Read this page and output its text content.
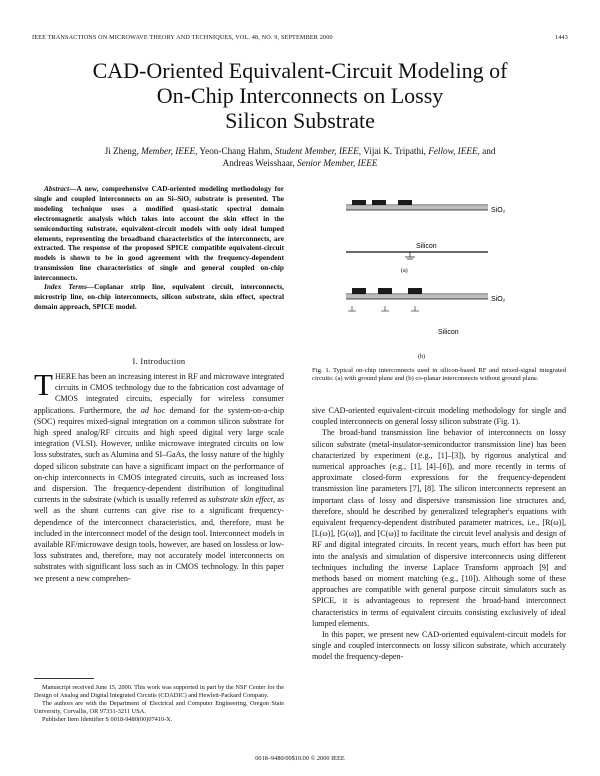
IEEE TRANSACTIONS ON MICROWAVE THEORY AND TECHNIQUES, VOL. 48, NO. 9, SEPTEMBER 2000	1443
CAD-Oriented Equivalent-Circuit Modeling of
On-Chip Interconnects on Lossy
Silicon Substrate
Ji Zheng, Member, IEEE, Yeon-Chang Hahm, Student Member, IEEE, Vijai K. Tripathi, Fellow, IEEE, and
Andreas Weisshaar, Senior Member, IEEE
Abstract—A new, comprehensive CAD-oriented modeling methodology for single and coupled interconnects on an Si–SiO₂ substrate is presented. The modeling technique uses a modified quasi-static spectral domain electromagnetic analysis which takes into account the skin effect in the semiconducting substrate. equivalent-circuit models with only ideal lumped elements, representing the broadband characteristics of the interconnects, are extracted. The response of the proposed SPICE compatible equivalent-circuit models is shown to be in good agreement with the frequency-dependent transmission line characteristics of single and general coupled on-chip interconnects.
Index Terms—Coplanar strip line, equivalent circuit, interconnects, microstrip line, on-chip interconnects, silicon substrate, skin effect, spectral domain approach, SPICE model.
I. Introduction
THERE has been an increasing interest in RF and microwave integrated circuits in CMOS technology due to the fabrication cost advantage of CMOS integrated circuits, especially for wireless consumer applications. Furthermore, the ad hoc demand for the system-on-a-chip (SOC) requires mixed-signal integration on a common silicon substrate for high speed analog/RF circuits and high speed digital very large scale integration (VLSI). However, unlike microwave integrated circuits on low loss substrates, such as Alumina and SI–GaAs, the lossy nature of the highly doped silicon substrate can have a significant impact on the performance of on-chip interconnects in CMOS integrated circuits, such as increased loss and dispersion. The frequency-dependent distribution of longitudinal currents in the substrate (which is usually referred as substrate skin effect, as well as the shunt currents can give rise to a significant frequency-dependence of the interconnect characteristics, and, therefore, must be included in the interconnect model of the design tool. Interconnect models in available RF/microwave design tools, however, are based on lossless or low-loss substrates and, therefore, may not accurately model interconnects on substrates with significant loss such as in CMOS technology. In this paper we present a new comprehen-

Manuscript received June 15, 2000. This work was supported in part by the NSF Center for the Design of Analog and Digital Integrated Circuits (CDADIC) and Hewlett-Packard Company.

The authors are with the Department of Electrical and Computer Engineering, Oregon State University, Corvallis, OR 97331-3211 USA.

Publisher Item Identifier S 0018-9480(00)07410-X.

SiO₂
Silicon
(a)
SiO₂
Silicon
(b)
Fig. 1. Typical on-chip interconnects used in silicon-based RF and mixed-signal integrated circuits: (a) with ground plane and (b) co-planar interconnects without ground plane.

sive CAD-oriented equivalent-circuit modeling methodology for single and coupled interconnects on general lossy silicon substrate (Fig. 1).

The broad-band transmission line behavior of interconnects on lossy silicon substrate (metal-insulator-semiconductor transmission line) has been characterized by experiment (e.g., [1]–[3]), by rigorous analytical and numerical approaches (e.g., [1], [4]–[6]), and more recently in terms of approximate closed-form expressions for the frequency-dependent transmission line parameters [7], [8]. The silicon interconnects represent an important class of lossy and dispersive transmission line structures and, therefore, should be described by generalized telegrapher's equations with equivalent frequency-dependent distributed parameter matrices, i.e., [R(ω)], [L(ω)], [G(ω)], and [C(ω)] to facilitate the circuit level analysis and design of RF and digital integrated circuits. In recent years, much effort has been put into the analysis and simulation of dispersive interconnects using different techniques including the inverse Laplace Transform approach [9] and methods based on moment matching (e.g., [10]). Although some of these approaches are compatible with general purpose circuit simulators such as SPICE, it is advantageous to represent the broad-band interconnect characteristics in terms of equivalent circuits consisting exclusively of ideal lumped elements.

In this paper, we present new CAD-oriented equivalent-circuit models for single and coupled interconnects on lossy silicon substrate, which accurately model the frequency-depen-

0018–9480/00$10.00 © 2000 IEEE
